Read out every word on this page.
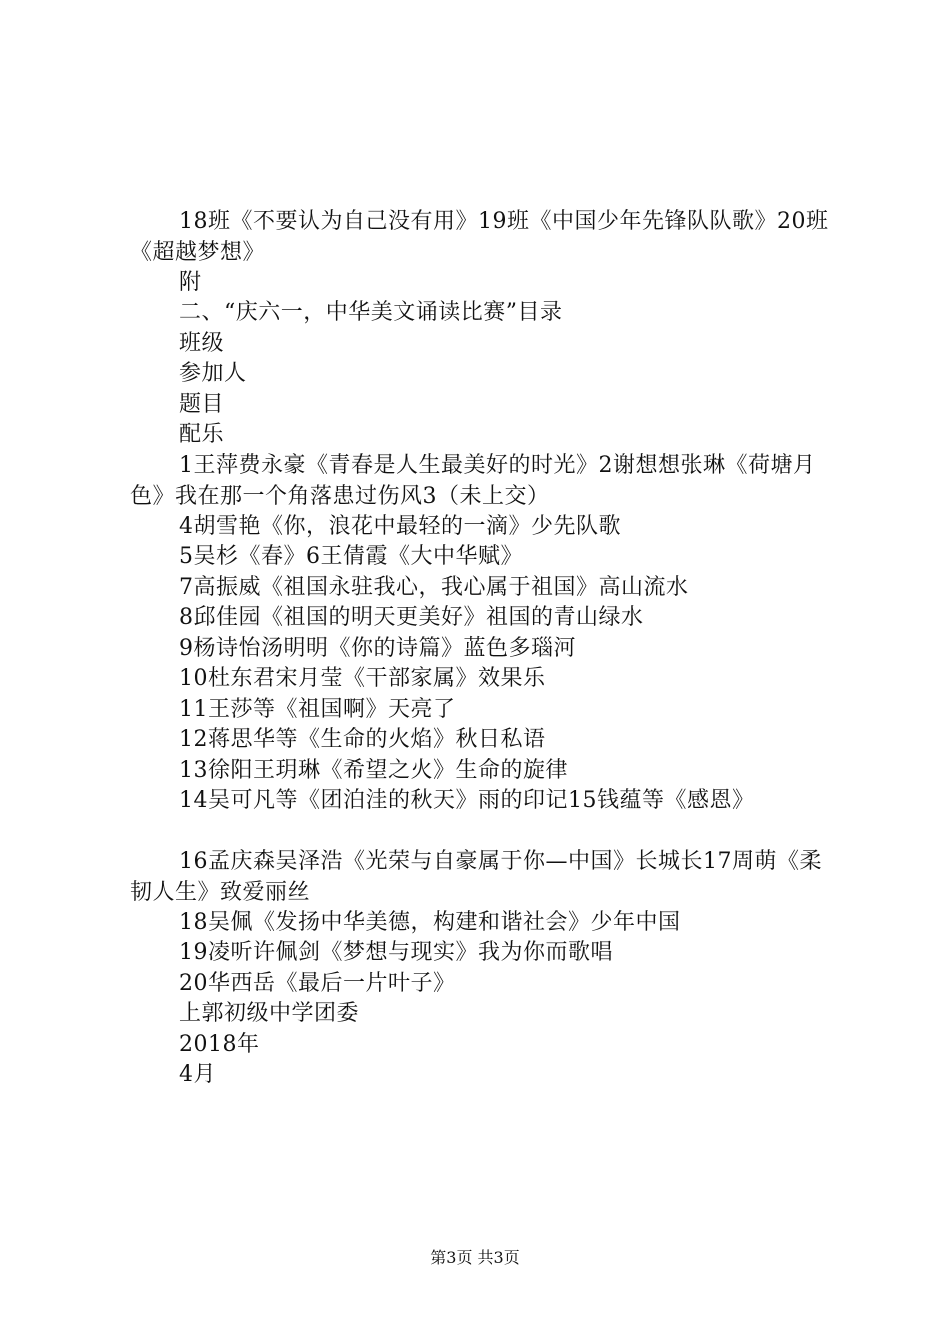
18班《不要认为自己没有用》19班《中国少年先锋队队歌》20班《超越梦想》
附
二、“庆六一，中华美文诵读比赛”目录
班级
参加人
题目
配乐
1王萍费永豪《青春是人生最美好的时光》2谢想想张琳《荷塘月色》我在那一个角落患过伤风3（未上交）
4胡雪艳《你，浪花中最轻的一滴》少先队歌
5吴杉《春》6王倩霞《大中华赋》
7高振威《祖国永驻我心，我心属于祖国》高山流水
8邱佳园《祖国的明天更美好》祖国的青山绿水
9杨诗怡汤明明《你的诗篇》蓝色多瑙河
10杜东君宋月莹《干部家属》效果乐
11王莎等《祖国啊》天亮了
12蒋思华等《生命的火焰》秋日私语
13徐阳王玥琳《希望之火》生命的旋律
14吴可凡等《团泊洼的秋天》雨的印记15钱蕴等《感恩》
16孟庆森吴泽浩《光荣与自豪属于你—中国》长城长17周萌《柔韧人生》致爱丽丝
18吴佩《发扬中华美德，构建和谐社会》少年中国
19凌听许佩剑《梦想与现实》我为你而歌唱
20华西岳《最后一片叶子》
上郭初级中学团委
2018年
4月
第3页 共3页
